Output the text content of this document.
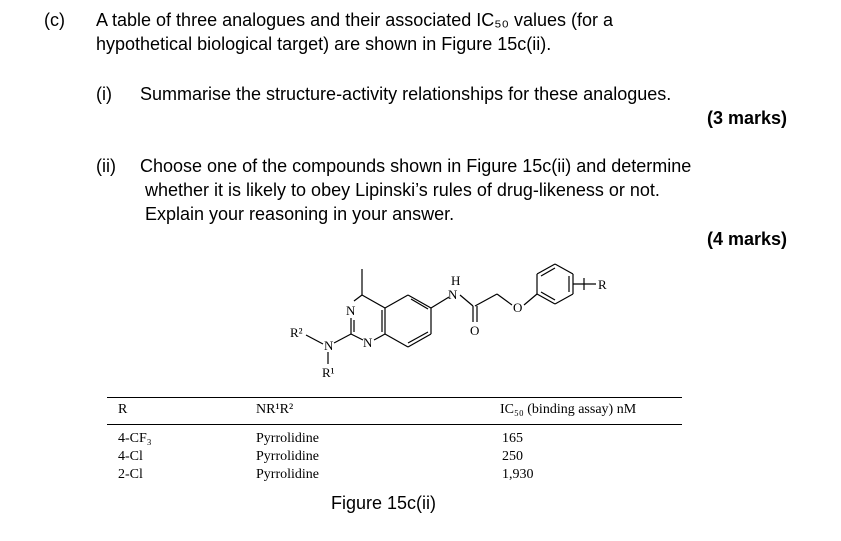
(c) A table of three analogues and their associated IC₅₀ values (for a
hypothetical biological target) are shown in Figure 15c(ii).
(i) Summarise the structure-activity relationships for these analogues.
(3 marks)
(ii) Choose one of the compounds shown in Figure 15c(ii) and determine
whether it is likely to obey Lipinski’s rules of drug-likeness or not.
Explain your reasoning in your answer.
(4 marks)
N
N
R²
N
R¹
N
H
O
O
R
R	NR¹R²	IC₅₀ (binding assay) nM
4-CF₃	Pyrrolidine	165
4-Cl	Pyrrolidine	250
2-Cl	Pyrrolidine	1,930
Figure 15c(ii)
